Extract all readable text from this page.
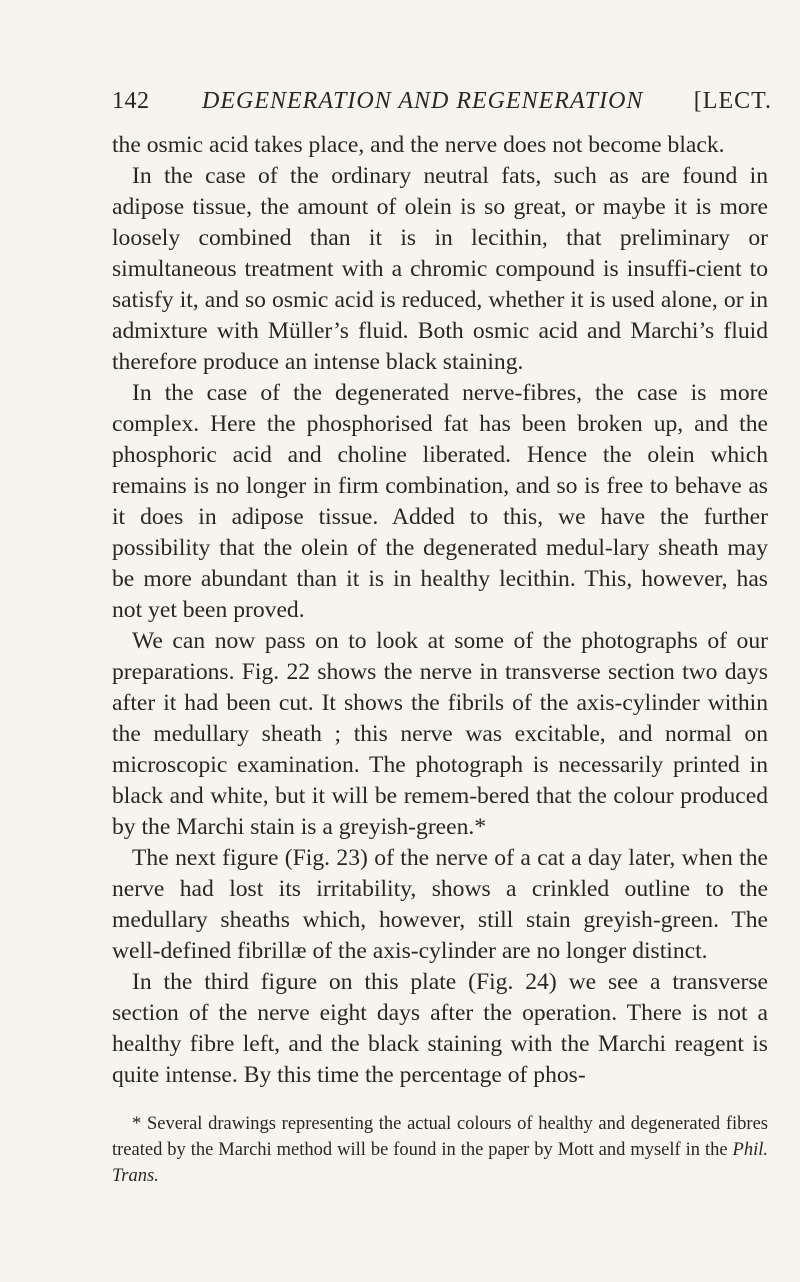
142 DEGENERATION AND REGENERATION [LECT.

the osmic acid takes place, and the nerve does not become black.

In the case of the ordinary neutral fats, such as are found in adipose tissue, the amount of olein is so great, or maybe it is more loosely combined than it is in lecithin, that preliminary or simultaneous treatment with a chromic compound is insuffi-cient to satisfy it, and so osmic acid is reduced, whether it is used alone, or in admixture with Müller’s fluid. Both osmic acid and Marchi’s fluid therefore produce an intense black staining.

In the case of the degenerated nerve-fibres, the case is more complex. Here the phosphorised fat has been broken up, and the phosphoric acid and choline liberated. Hence the olein which remains is no longer in firm combination, and so is free to behave as it does in adipose tissue. Added to this, we have the further possibility that the olein of the degenerated medul-lary sheath may be more abundant than it is in healthy lecithin. This, however, has not yet been proved.

We can now pass on to look at some of the photographs of our preparations. Fig. 22 shows the nerve in transverse section two days after it had been cut. It shows the fibrils of the axis-cylinder within the medullary sheath ; this nerve was excitable, and normal on microscopic examination. The photograph is necessarily printed in black and white, but it will be remem-bered that the colour produced by the Marchi stain is a greyish-green.*

The next figure (Fig. 23) of the nerve of a cat a day later, when the nerve had lost its irritability, shows a crinkled outline to the medullary sheaths which, however, still stain greyish-green. The well-defined fibrillæ of the axis-cylinder are no longer distinct.

In the third figure on this plate (Fig. 24) we see a transverse section of the nerve eight days after the operation. There is not a healthy fibre left, and the black staining with the Marchi reagent is quite intense. By this time the percentage of phos-

* Several drawings representing the actual colours of healthy and degenerated fibres treated by the Marchi method will be found in the paper by Mott and myself in the Phil. Trans.
